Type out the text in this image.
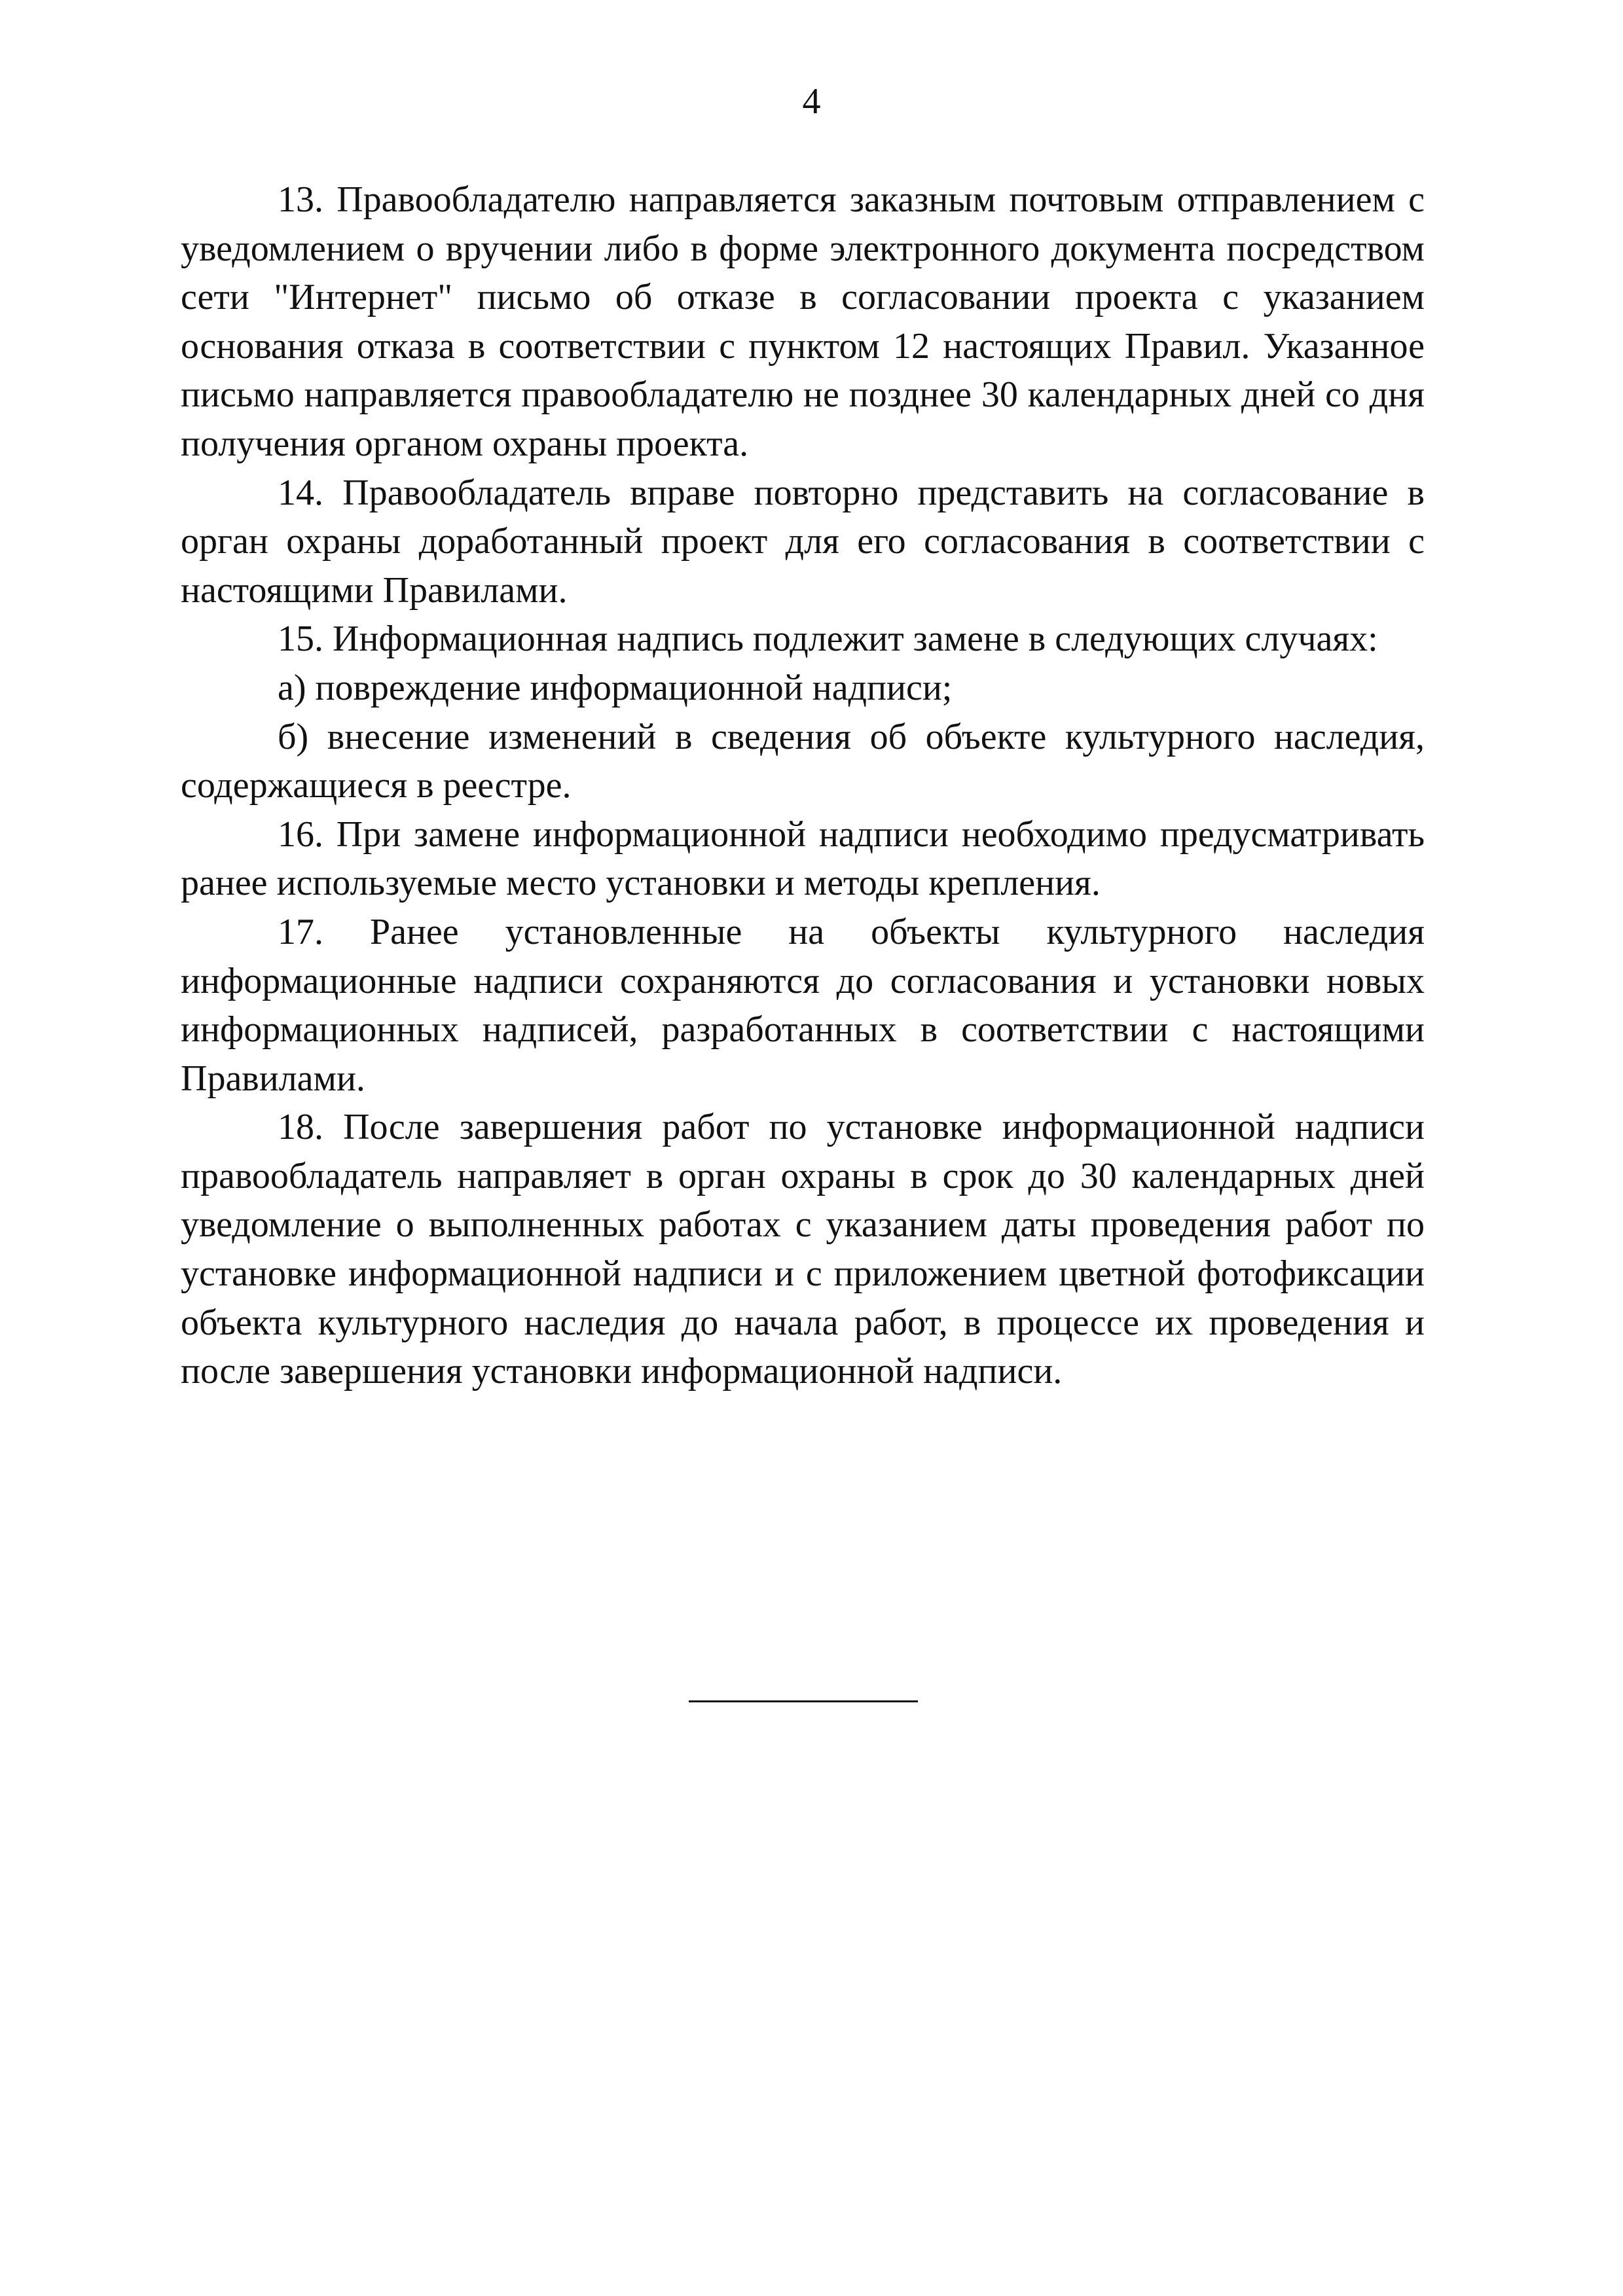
4

13. Правообладателю направляется заказным почтовым отправлением с уведомлением о вручении либо в форме электронного документа посредством сети "Интернет" письмо об отказе в согласовании проекта с указанием основания отказа в соответствии с пунктом 12 настоящих Правил. Указанное письмо направляется правообладателю не позднее 30 календарных дней со дня получения органом охраны проекта.

14. Правообладатель вправе повторно представить на согласование в орган охраны доработанный проект для его согласования в соответствии с настоящими Правилами.

15. Информационная надпись подлежит замене в следующих случаях:

а) повреждение информационной надписи;

б) внесение изменений в сведения об объекте культурного наследия, содержащиеся в реестре.

16. При замене информационной надписи необходимо предусматривать ранее используемые место установки и методы крепления.

17. Ранее установленные на объекты культурного наследия информационные надписи сохраняются до согласования и установки новых информационных надписей, разработанных в соответствии с настоящими Правилами.

18. После завершения работ по установке информационной надписи правообладатель направляет в орган охраны в срок до 30 календарных дней уведомление о выполненных работах с указанием даты проведения работ по установке информационной надписи и с приложением цветной фотофиксации объекта культурного наследия до начала работ, в процессе их проведения и после завершения установки информационной надписи.
